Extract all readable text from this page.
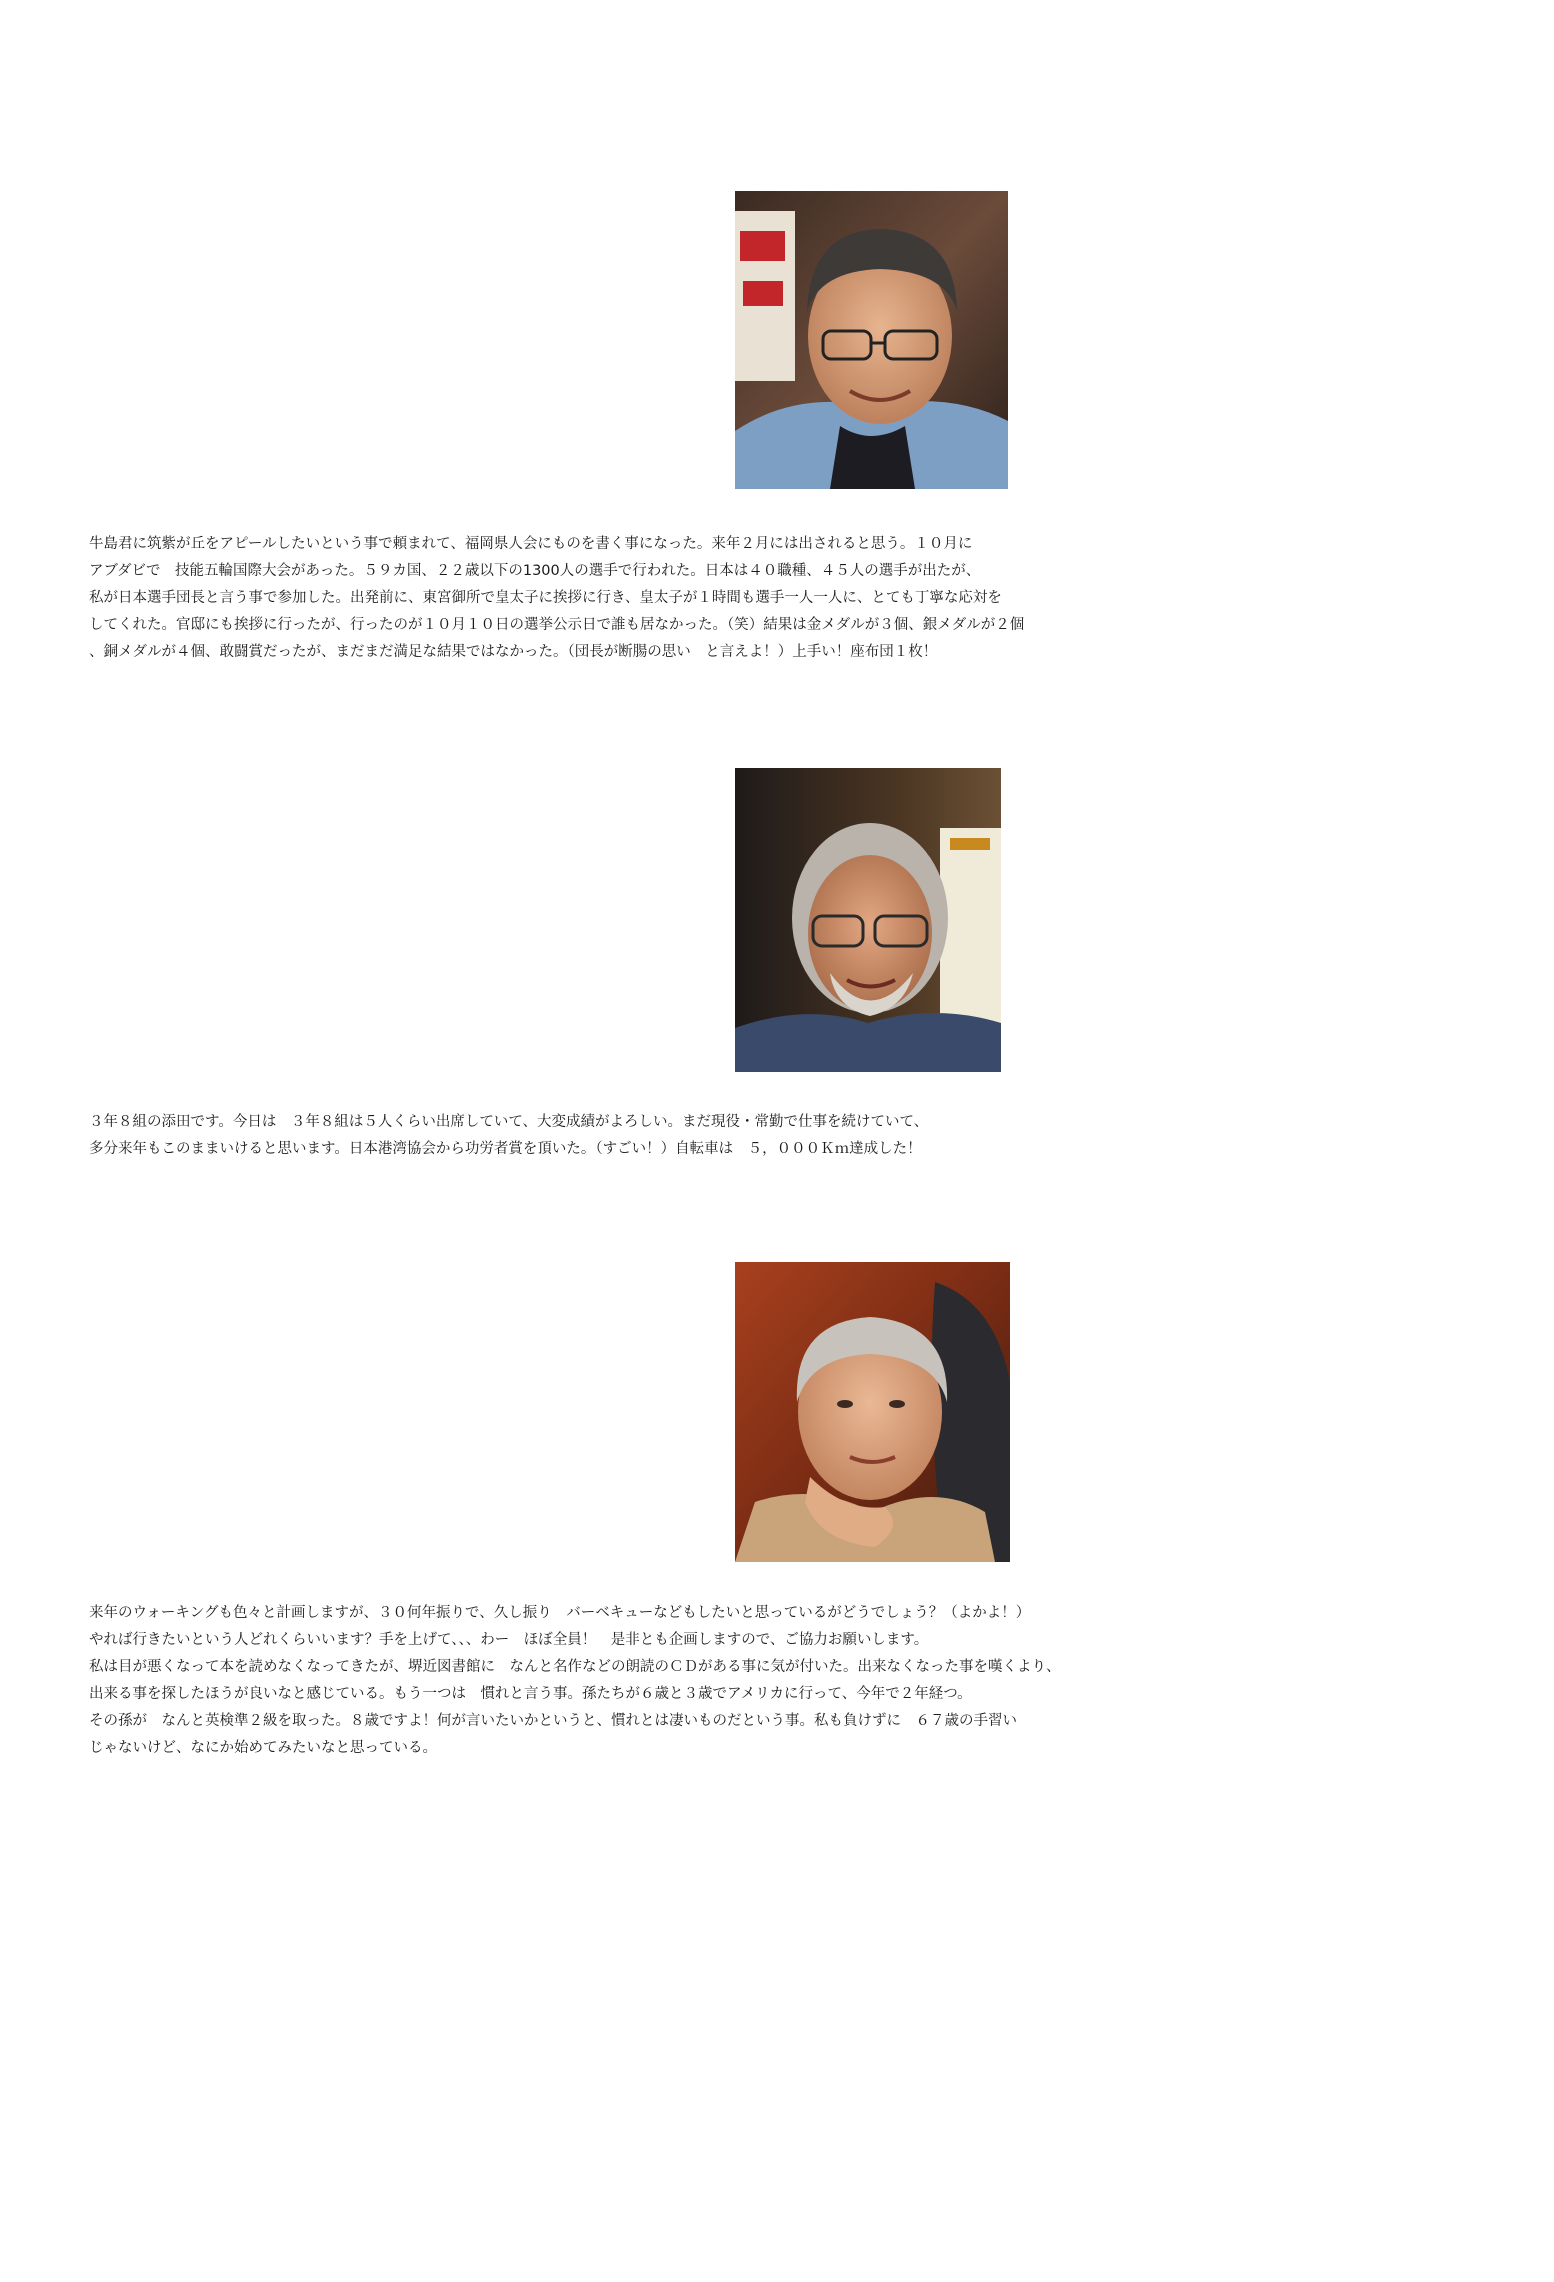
牛島君に筑紫が丘をアピールしたいという事で頼まれて、福岡県人会にものを書く事になった。来年２月には出されると思う。１０月に
アブダビで　技能五輪国際大会があった。５９カ国、２２歳以下の1300人の選手で行われた。日本は４０職種、４５人の選手が出たが、
私が日本選手団長と言う事で参加した。出発前に、東宮御所で皇太子に挨拶に行き、皇太子が１時間も選手一人一人に、とても丁寧な応対を
してくれた。官邸にも挨拶に行ったが、行ったのが１０月１０日の選挙公示日で誰も居なかった。（笑）結果は金メダルが３個、銀メダルが２個
、銅メダルが４個、敢闘賞だったが、まだまだ満足な結果ではなかった。（団長が断腸の思い　と言えよ！）上手い！座布団１枚！
３年８組の添田です。今日は　３年８組は５人くらい出席していて、大変成績がよろしい。まだ現役・常勤で仕事を続けていて、
多分来年もこのままいけると思います。日本港湾協会から功労者賞を頂いた。（すごい！）自転車は　５，０００Ｋｍ達成した！
来年のウォーキングも色々と計画しますが、３０何年振りで、久し振り　バーベキューなどもしたいと思っているがどうでしょう？（よかよ！）
やれば行きたいという人どれくらいいます？手を上げて、、、わー　ほぼ全員！　是非とも企画しますので、ご協力お願いします。
私は目が悪くなって本を読めなくなってきたが、堺近図書館に　なんと名作などの朗読のＣＤがある事に気が付いた。出来なくなった事を嘆くより、
出来る事を探したほうが良いなと感じている。もう一つは　慣れと言う事。孫たちが６歳と３歳でアメリカに行って、今年で２年経つ。
その孫が　なんと英検準２級を取った。８歳ですよ！何が言いたいかというと、慣れとは凄いものだという事。私も負けずに　６７歳の手習い
じゃないけど、なにか始めてみたいなと思っている。
